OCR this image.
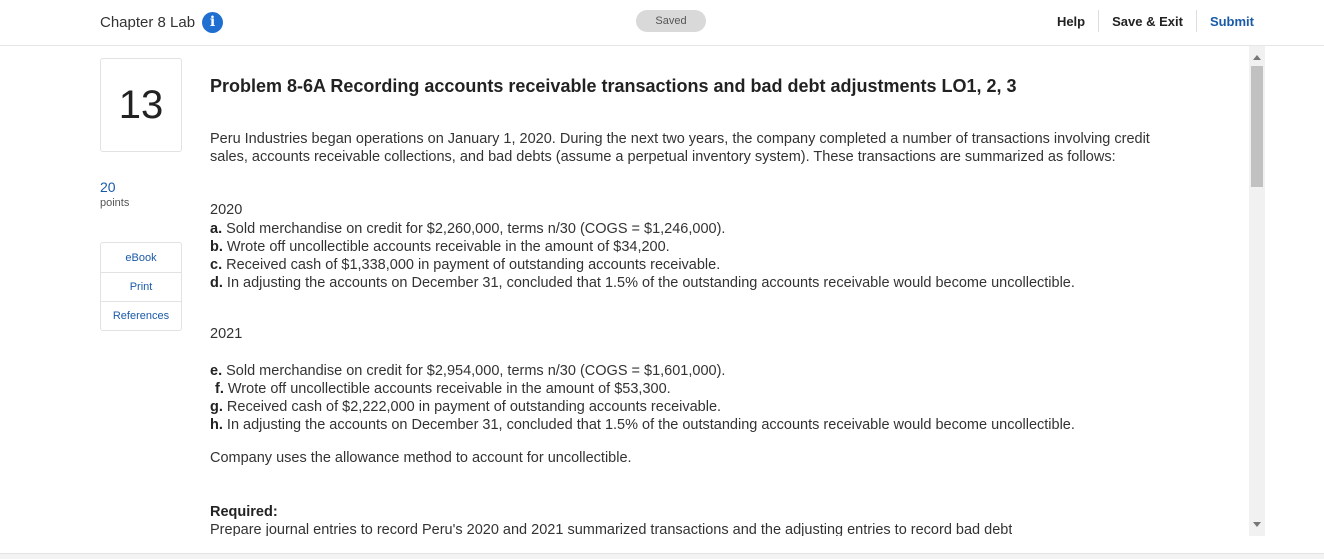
Chapter 8 Lab	i	Saved	Help	Save & Exit	Submit
13
20
points
eBook
Print
References
Problem 8-6A Recording accounts receivable transactions and bad debt adjustments LO1, 2, 3
Peru Industries began operations on January 1, 2020. During the next two years, the company completed a number of transactions involving credit sales, accounts receivable collections, and bad debts (assume a perpetual inventory system). These transactions are summarized as follows:
2020
a. Sold merchandise on credit for $2,260,000, terms n/30 (COGS = $1,246,000).
b. Wrote off uncollectible accounts receivable in the amount of $34,200.
c. Received cash of $1,338,000 in payment of outstanding accounts receivable.
d. In adjusting the accounts on December 31, concluded that 1.5% of the outstanding accounts receivable would become uncollectible.
2021
e. Sold merchandise on credit for $2,954,000, terms n/30 (COGS = $1,601,000).
f. Wrote off uncollectible accounts receivable in the amount of $53,300.
g. Received cash of $2,222,000 in payment of outstanding accounts receivable.
h. In adjusting the accounts on December 31, concluded that 1.5% of the outstanding accounts receivable would become uncollectible.
Company uses the allowance method to account for uncollectible.
Required:
Prepare journal entries to record Peru's 2020 and 2021 summarized transactions and the adjusting entries to record bad debt
